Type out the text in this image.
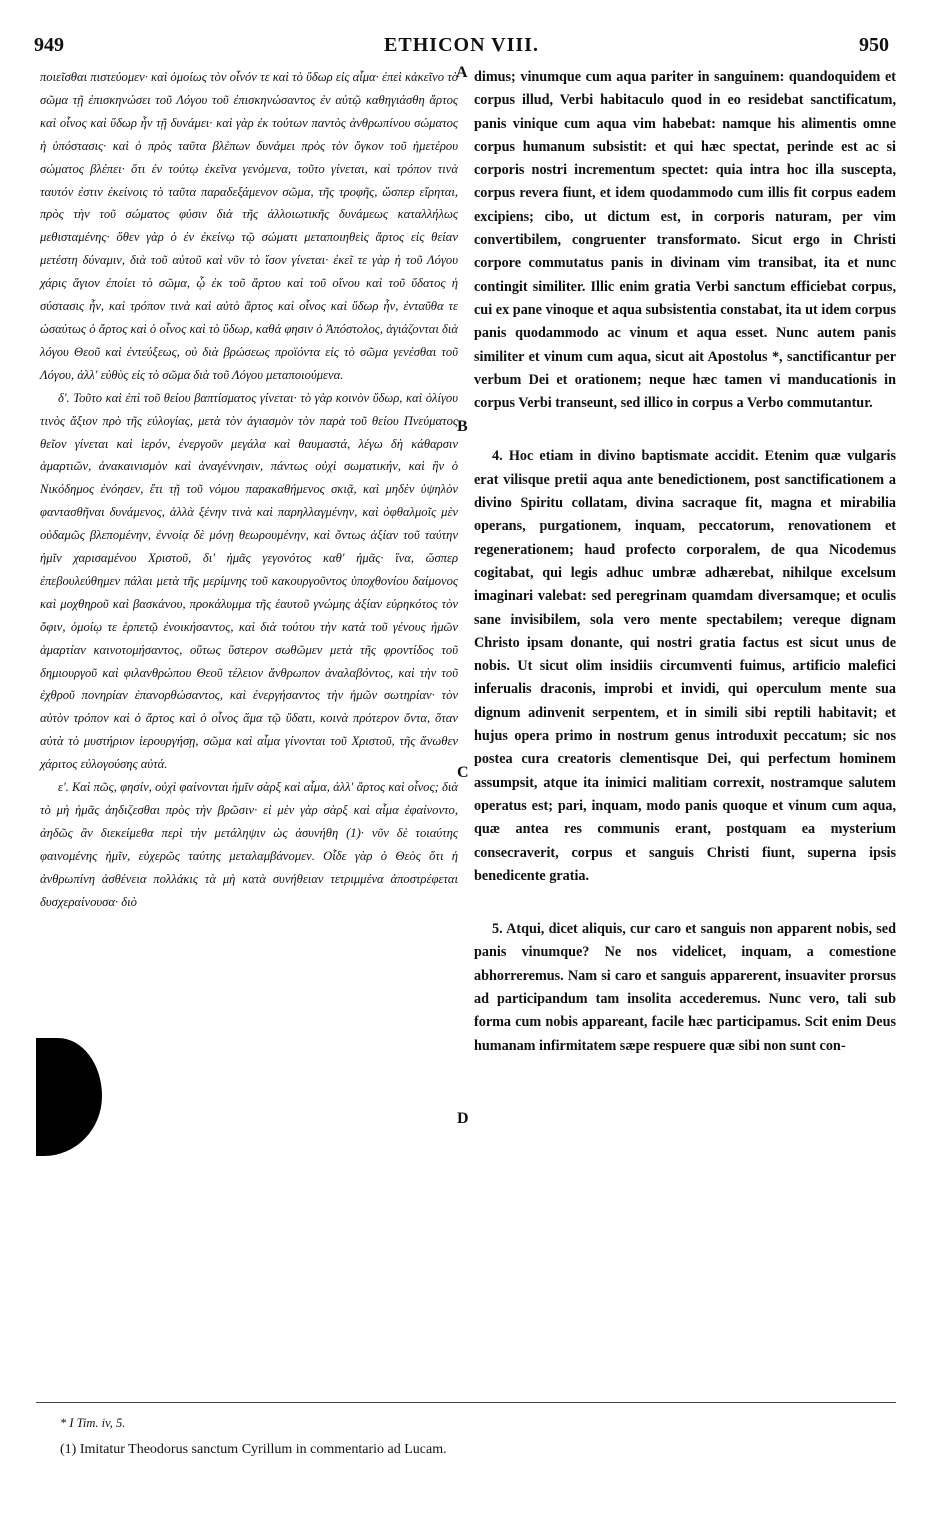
949	ETHICON VIII.	950

ποιεῖσθαι πιστεύομεν· καὶ ὁμοίως τὸν οἶνόν τε καὶ τὸ ὕδωρ εἰς αἷμα· ἐπεὶ κἀκεῖνο τὸ σῶμα τῇ ἐπισκηνώσει τοῦ Λόγου τοῦ ἐπισκηνώσαντος ἐν αὐτῷ καθηγιάσθη ἄρτος καὶ οἶνος καὶ ὕδωρ ἦν τῇ δυνάμει· καὶ γὰρ ἐκ τούτων παντὸς ἀνθρωπίνου σώματος ἡ ὑπόστασις· καὶ ὁ πρὸς ταῦτα βλέπων δυνάμει πρὸς τὸν ὄγκον τοῦ ἡμετέρου σώματος βλέπει· ὅτι ἐν τούτῳ ἐκεῖνα γενόμενα, τοῦτο γίνεται, καὶ τρόπον τινὰ ταυτόν ἐστιν ἐκείνοις τὸ ταῦτα παραδεξάμενον σῶμα, τῆς τροφῆς, ὥσπερ εἴρηται, πρὸς τὴν τοῦ σώματος φύσιν διὰ τῆς ἀλλοιωτικῆς δυνάμεως καταλλήλως μεθισταμένης· ὅθεν γὰρ ὁ ἐν ἐκείνῳ τῷ σώματι μεταποιηθεὶς ἄρτος εἰς θείαν μετέστη δύναμιν, διὰ τοῦ αὐτοῦ καὶ νῦν τὸ ἴσον γίνεται· ἐκεῖ τε γὰρ ἡ τοῦ Λόγου χάρις ἅγιον ἐποίει τὸ σῶμα, ᾧ ἐκ τοῦ ἄρτου καὶ τοῦ οἴνου καὶ τοῦ ὕδατος ἡ σύστασις ἦν, καὶ τρόπον τινὰ καὶ αὐτὸ ἄρτος καὶ οἶνος καὶ ὕδωρ ἦν, ἐνταῦθα τε ὡσαύτως ὁ ἄρτος καὶ ὁ οἶνος καὶ τὸ ὕδωρ, καθά φησιν ὁ Ἀπόστολος, ἁγιάζονται διὰ λόγου Θεοῦ καὶ ἐντεύξεως, οὐ διὰ βρώσεως προϊόντα εἰς τὸ σῶμα γενέσθαι τοῦ Λόγου, ἀλλ' εὐθὺς εἰς τὸ σῶμα διὰ τοῦ Λόγου μεταποιούμενα.

δ'. Τοῦτο καὶ ἐπὶ τοῦ θείου βαπτίσματος γίνεται· τὸ γὰρ κοινὸν ὕδωρ, καὶ ὀλίγου τινὸς ἄξιον πρὸ τῆς εὐλογίας, μετὰ τὸν ἁγιασμὸν τὸν παρὰ τοῦ θείου Πνεύματος θεῖον γίνεται καὶ ἱερόν, ἐνεργοῦν μεγάλα καὶ θαυμαστά, λέγω δὴ κάθαρσιν ἁμαρτιῶν, ἀνακαινισμὸν καὶ ἀναγέννησιν, πάντως οὐχὶ σωματικήν, καὶ ἣν ὁ Νικόδημος ἐνόησεν, ἔτι τῇ τοῦ νόμου παρακαθήμενος σκιᾷ, καὶ μηδὲν ὑψηλὸν φαντασθῆναι δυνάμενος, ἀλλὰ ξένην τινὰ καὶ παρηλλαγμένην, καὶ ὀφθαλμοῖς μὲν οὐδαμῶς βλεπομένην, ἐννοίᾳ δὲ μόνῃ θεωρουμένην, καὶ ὄντως ἀξίαν τοῦ ταύτην ἡμῖν χαρισαμένου Χριστοῦ, δι' ἡμᾶς γεγονότος καθ' ἡμᾶς· ἵνα, ὥσπερ ἐπεβουλεύθημεν πάλαι μετὰ τῆς μερίμνης τοῦ κακουργοῦντος ὑποχθονίου δαίμονος καὶ μοχθηροῦ καὶ βασκάνου, προκάλυμμα τῆς ἑαυτοῦ γνώμης ἀξίαν εὑρηκότος τὸν ὄφιν, ὁμοίῳ τε ἑρπετῷ ἐνοικήσαντος, καὶ διὰ τούτου τὴν κατὰ τοῦ γένους ἡμῶν ἁμαρτίαν καινοτομήσαντος, οὕτως ὕστερον σωθῶμεν μετὰ τῆς φροντίδος τοῦ δημιουργοῦ καὶ φιλανθρώπου Θεοῦ τέλειον ἄνθρωπον ἀναλαβόντος, καὶ τὴν τοῦ ἐχθροῦ πονηρίαν ἐπανορθώσαντος, καὶ ἐνεργήσαντος τὴν ἡμῶν σωτηρίαν· τὸν αὐτὸν τρόπον καὶ ὁ ἄρτος καὶ ὁ οἶνος ἅμα τῷ ὕδατι, κοινὰ πρότερον ὄντα, ὅταν αὐτὰ τὸ μυστήριον ἱερουργήσῃ, σῶμα καὶ αἷμα γίνονται τοῦ Χριστοῦ, τῆς ἄνωθεν χάριτος εὐλογούσης αὐτά.

ε'. Καὶ πῶς, φησίν, οὐχὶ φαίνονται ἡμῖν σὰρξ καὶ αἷμα, ἀλλ' ἄρτος καὶ οἶνος; διὰ τὸ μὴ ἡμᾶς ἀηδιζεσθαι πρὸς τὴν βρῶσιν· εἰ μὲν γὰρ σὰρξ καὶ αἷμα ἐφαίνοντο, ἀηδῶς ἂν διεκείμεθα περὶ τὴν μετάληψιν ὡς ἀσυνήθη (1)· νῦν δὲ τοιαύτης φαινομένης ἡμῖν, εὐχερῶς ταύτης μεταλαμβάνομεν. Οἶδε γὰρ ὁ Θεὸς ὅτι ἡ ἀνθρωπίνη ἀσθένεια πολλάκις τὰ μὴ κατὰ συνήθειαν τετριμμένα ἀποστρέφεται δυσχεραίνουσα· διὸ

dimus; vinumque cum aqua pariter in sanguinem: quandoquidem et corpus illud, Verbi habitaculo quod in eo residebat sanctificatum, panis vinique cum aqua vim habebat: namque his alimentis omne corpus humanum subsistit: et qui hæc spectat, perinde est ac si corporis nostri incrementum spectet: quia intra hoc illa suscepta, corpus revera fiunt, et idem quodammodo cum illis fit corpus eadem excipiens; cibo, ut dictum est, in corporis naturam, per vim convertibilem, congruenter transformato. Sicut ergo in Christi corpore commutatus panis in divinam vim transibat, ita et nunc contingit similiter. Illic enim gratia Verbi sanctum efficiebat corpus, cui ex pane vinoque et aqua subsistentia constabat, ita ut idem corpus panis quodammodo ac vinum et aqua esset. Nunc autem panis similiter et vinum cum aqua, sicut ait Apostolus *, sanctificantur per verbum Dei et orationem; neque hæc tamen vi manducationis in corpus Verbi transeunt, sed illico in corpus a Verbo commutantur.

4. Hoc etiam in divino baptismate accidit. Etenim quæ vulgaris erat vilisque pretii aqua ante benedictionem, post sanctificationem a divino Spiritu collatam, divina sacraque fit, magna et mirabilia operans, purgationem, inquam, peccatorum, renovationem et regenerationem; haud profecto corporalem, de qua Nicodemus cogitabat, qui legis adhuc umbræ adhærebat, nihilque excelsum imaginari valebat: sed peregrinam quamdam diversamque; et oculis sane invisibilem, sola vero mente spectabilem; vereque dignam Christo ipsam donante, qui nostri gratia factus est sicut unus de nobis. Ut sicut olim insidiis circumventi fuimus, artificio malefici inferualis draconis, improbi et invidi, qui operculum mente sua dignum adinvenit serpentem, et in simili sibi reptili habitavit; et hujus opera primo in nostrum genus introduxit peccatum; sic nos postea cura creatoris clementisque Dei, qui perfectum hominem assumpsit, atque ita inimici malitiam correxit, nostramque salutem operatus est; pari, inquam, modo panis quoque et vinum cum aqua, quæ antea res communis erant, postquam ea mysterium consecraverit, corpus et sanguis Christi fiunt, superna ipsis benedicente gratia.

5. Atqui, dicet aliquis, cur caro et sanguis non apparent nobis, sed panis vinumque? Ne nos videlicet, inquam, a comestione abhorreremus. Nam si caro et sanguis apparerent, insuaviter prorsus ad participandum tam insolita accederemus. Nunc vero, tali sub forma cum nobis appareant, facile hæc participamus. Scit enim Deus humanam infirmitatem sæpe respuere quæ sibi non sunt con-

A
B
C
D
* I Tim. iv, 5.
(1) Imitatur Theodorus sanctum Cyrillum in commentario ad Lucam.
